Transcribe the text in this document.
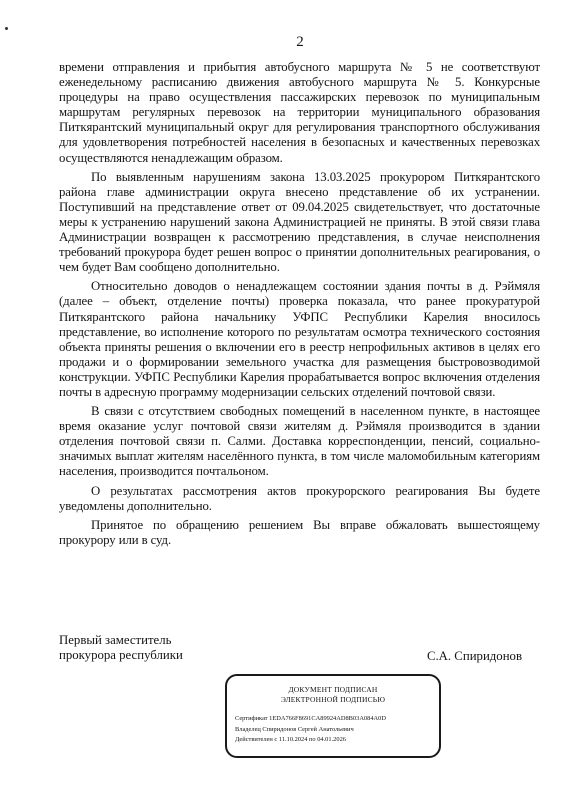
2

времени отправления и прибытия автобусного маршрута № 5 не соответствуют еженедельному расписанию движения автобусного маршрута № 5. Конкурсные процедуры на право осуществления пассажирских перевозок по муниципальным маршрутам регулярных перевозок на территории муниципального образования Питкярантский муниципальный округ для регулирования транспортного обслуживания для удовлетворения потребностей населения в безопасных и качественных перевозках осуществляются ненадлежащим образом.

По выявленным нарушениям закона 13.03.2025 прокурором Питкярантского района главе администрации округа внесено представление об их устранении. Поступивший на представление ответ от 09.04.2025 свидетельствует, что достаточные меры к устранению нарушений закона Администрацией не приняты. В этой связи глава Администрации возвращен к рассмотрению представления, в случае неисполнения требований прокурора будет решен вопрос о принятии дополнительных реагирования, о чем будет Вам сообщено дополнительно.

Относительно доводов о ненадлежащем состоянии здания почты в д. Рэймяля (далее – объект, отделение почты) проверка показала, что ранее прокуратурой Питкярантского района начальнику УФПС Республики Карелия вносилось представление, во исполнение которого по результатам осмотра технического состояния объекта приняты решения о включении его в реестр непрофильных активов в целях его продажи и о формировании земельного участка для размещения быстровозводимой конструкции. УФПС Республики Карелия прорабатывается вопрос включения отделения почты в адресную программу модернизации сельских отделений почтовой связи.

В связи с отсутствием свободных помещений в населенном пункте, в настоящее время оказание услуг почтовой связи жителям д. Рэймяля производится в здании отделения почтовой связи п. Салми. Доставка корреспонденции, пенсий, социально-значимых выплат жителям населённого пункта, в том числе маломобильным категориям населения, производится почтальоном.

О результатах рассмотрения актов прокурорского реагирования Вы будете уведомлены дополнительно.

Принятое по обращению решением Вы вправе обжаловать вышестоящему прокурору или в суд.

Первый заместитель
прокурора республики	С.А. Спиридонов
ДОКУМЕНТ ПОДПИСАН
ЭЛЕКТРОННОЙ ПОДПИСЬЮ
Сертификат 1EDA766F8691CA89924AD8B03A084A0D
Владелец Спиридонов Сергей Анатольевич
Действителен с 11.10.2024 по 04.01.2026
